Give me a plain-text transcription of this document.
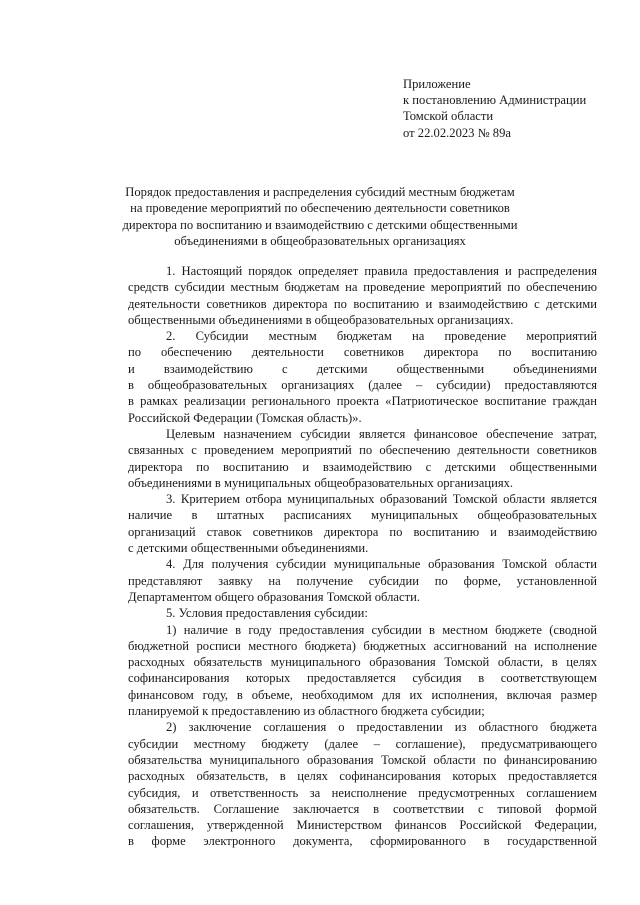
Приложение
к постановлению Администрации
Томской области
от 22.02.2023 № 89а
Порядок предоставления и распределения субсидий местным бюджетам
на проведение мероприятий по обеспечению деятельности советников
директора по воспитанию и взаимодействию с детскими общественными
объединениями в общеобразовательных организациях

1. Настоящий порядок определяет правила предоставления и распределения
средств субсидии местным бюджетам на проведение мероприятий по обеспечению
деятельности советников директора по воспитанию и взаимодействию с детскими
общественными объединениями в общеобразовательных организациях.

2. Субсидии местным бюджетам на проведение мероприятий
по обеспечению деятельности советников директора по воспитанию
и взаимодействию с детскими общественными объединениями
в общеобразовательных организациях (далее – субсидии) предоставляются
в рамках реализации регионального проекта «Патриотическое воспитание граждан
Российской Федерации (Томская область)».

Целевым назначением субсидии является финансовое обеспечение затрат,
связанных с проведением мероприятий по обеспечению деятельности советников
директора по воспитанию и взаимодействию с детскими общественными
объединениями в муниципальных общеобразовательных организациях.

3. Критерием отбора муниципальных образований Томской области является
наличие в штатных расписаниях муниципальных общеобразовательных
организаций ставок советников директора по воспитанию и взаимодействию
с детскими общественными объединениями.

4. Для получения субсидии муниципальные образования Томской области
представляют заявку на получение субсидии по форме, установленной
Департаментом общего образования Томской области.

5. Условия предоставления субсидии:

1) наличие в году предоставления субсидии в местном бюджете (сводной
бюджетной росписи местного бюджета) бюджетных ассигнований на исполнение
расходных обязательств муниципального образования Томской области, в целях
софинансирования которых предоставляется субсидия в соответствующем
финансовом году, в объеме, необходимом для их исполнения, включая размер
планируемой к предоставлению из областного бюджета субсидии;

2) заключение соглашения о предоставлении из областного бюджета
субсидии местному бюджету (далее – соглашение), предусматривающего
обязательства муниципального образования Томской области по финансированию
расходных обязательств, в целях софинансирования которых предоставляется
субсидия, и ответственность за неисполнение предусмотренных соглашением
обязательств. Соглашение заключается в соответствии с типовой формой
соглашения, утвержденной Министерством финансов Российской Федерации,
в форме электронного документа, сформированного в государственной
